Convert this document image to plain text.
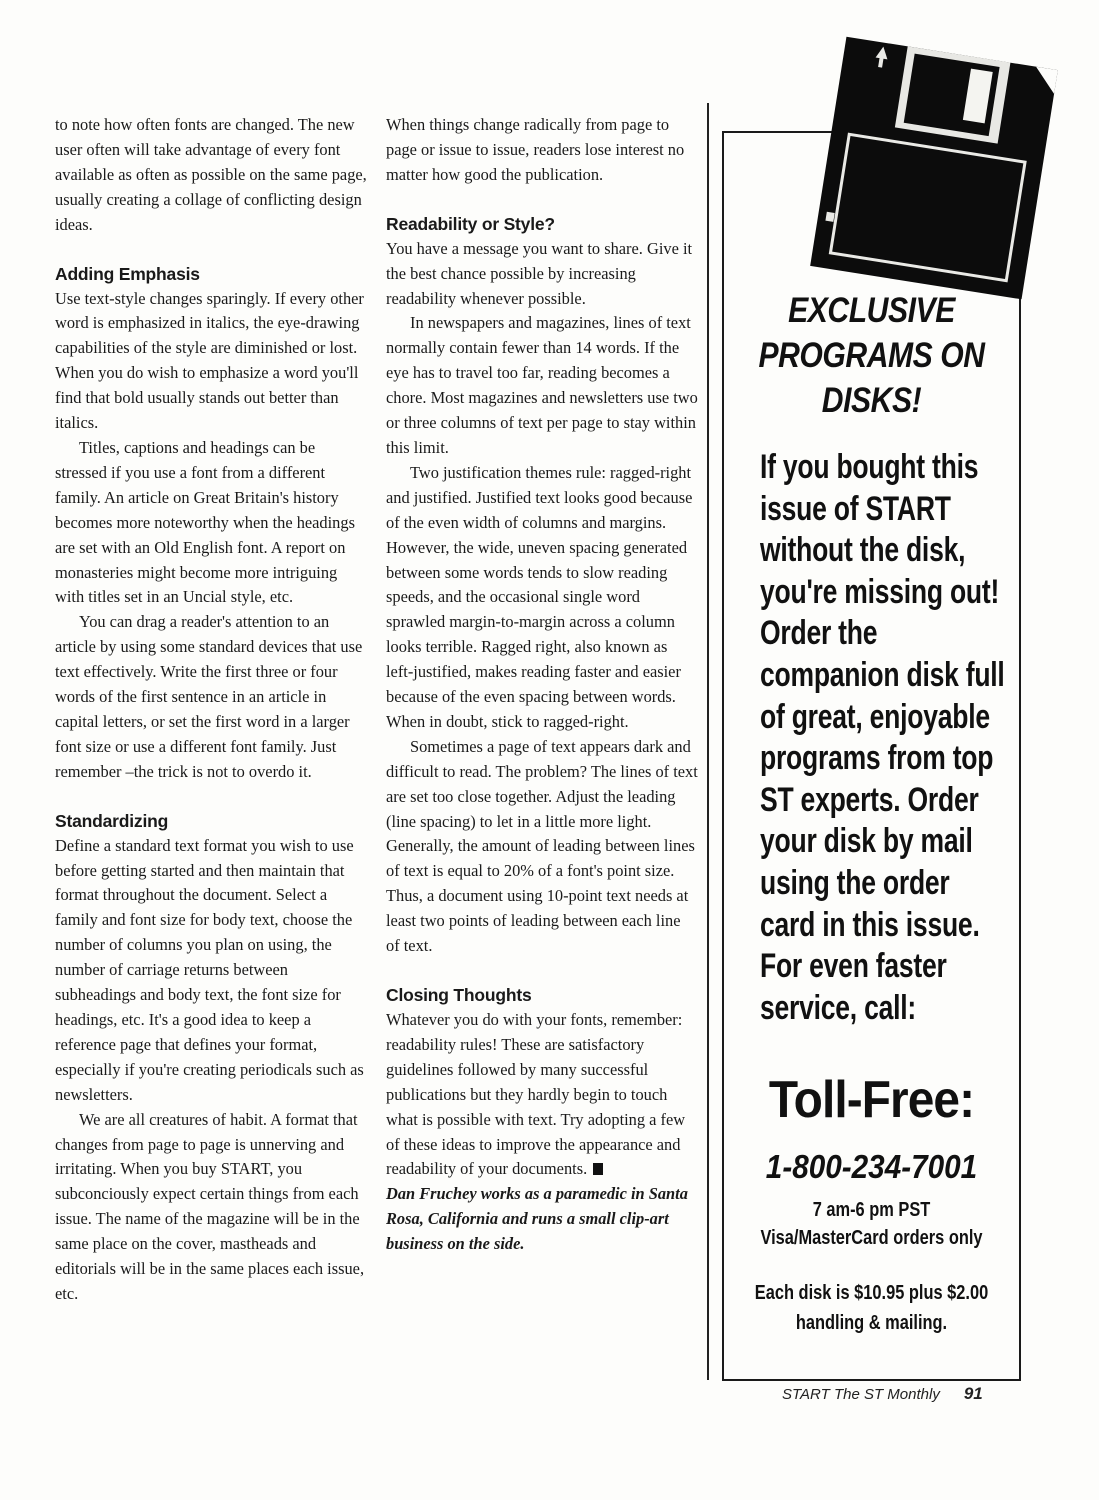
to note how often fonts are changed. The new user often will take advantage of every font available as often as possible on the same page, usually creating a collage of conflicting design ideas.

Adding Emphasis

Use text-style changes sparingly. If every other word is emphasized in italics, the eye-drawing capabilities of the style are diminished or lost. When you do wish to emphasize a word you'll find that bold usually stands out better than italics.

Titles, captions and headings can be stressed if you use a font from a different family. An article on Great Britain's history becomes more noteworthy when the headings are set with an Old English font. A report on monasteries might become more intriguing with titles set in an Uncial style, etc.

You can drag a reader's attention to an article by using some standard devices that use text effectively. Write the first three or four words of the first sentence in an article in capital letters, or set the first word in a larger font size or use a different font family. Just remember –the trick is not to overdo it.

Standardizing

Define a standard text format you wish to use before getting started and then maintain that format throughout the document. Select a family and font size for body text, choose the number of columns you plan on using, the number of carriage returns between subheadings and body text, the font size for headings, etc. It's a good idea to keep a reference page that defines your format, especially if you're creating periodicals such as newsletters.

We are all creatures of habit. A format that changes from page to page is unnerving and irritating. When you buy START, you subconciously expect certain things from each issue. The name of the magazine will be in the same place on the cover, mastheads and editorials will be in the same places each issue, etc.

When things change radically from page to page or issue to issue, readers lose interest no matter how good the publication.

Readability or Style?

You have a message you want to share. Give it the best chance possible by increasing readability whenever possible.

In newspapers and magazines, lines of text normally contain fewer than 14 words. If the eye has to travel too far, reading becomes a chore. Most magazines and newsletters use two or three columns of text per page to stay within this limit.

Two justification themes rule: ragged-right and justified. Justified text looks good because of the even width of columns and margins. However, the wide, uneven spacing generated between some words tends to slow reading speeds, and the occasional single word sprawled margin-to-margin across a column looks terrible. Ragged right, also known as left-justified, makes reading faster and easier because of the even spacing between words. When in doubt, stick to ragged-right.

Sometimes a page of text appears dark and difficult to read. The problem? The lines of text are set too close together. Adjust the leading (line spacing) to let in a little more light. Generally, the amount of leading between lines of text is equal to 20% of a font's point size. Thus, a document using 10-point text needs at least two points of leading between each line of text.

Closing Thoughts

Whatever you do with your fonts, remember: readability rules! These are satisfactory guidelines followed by many successful publications but they hardly begin to touch what is possible with text. Try adopting a few of these ideas to improve the appearance and readability of your documents.

Dan Fruchey works as a paramedic in Santa Rosa, California and runs a small clip-art business on the side.

EXCLUSIVE
PROGRAMS ON
DISKS!
If you bought this issue of START without the disk, you're missing out! Order the companion disk full of great, enjoyable programs from top ST experts. Order your disk by mail using the order card in this issue. For even faster service, call:
Toll-Free:
1-800-234-7001
7 am-6 pm PST
Visa/MasterCard orders only
Each disk is $10.95 plus $2.00
handling & mailing.
START The ST Monthly 91
